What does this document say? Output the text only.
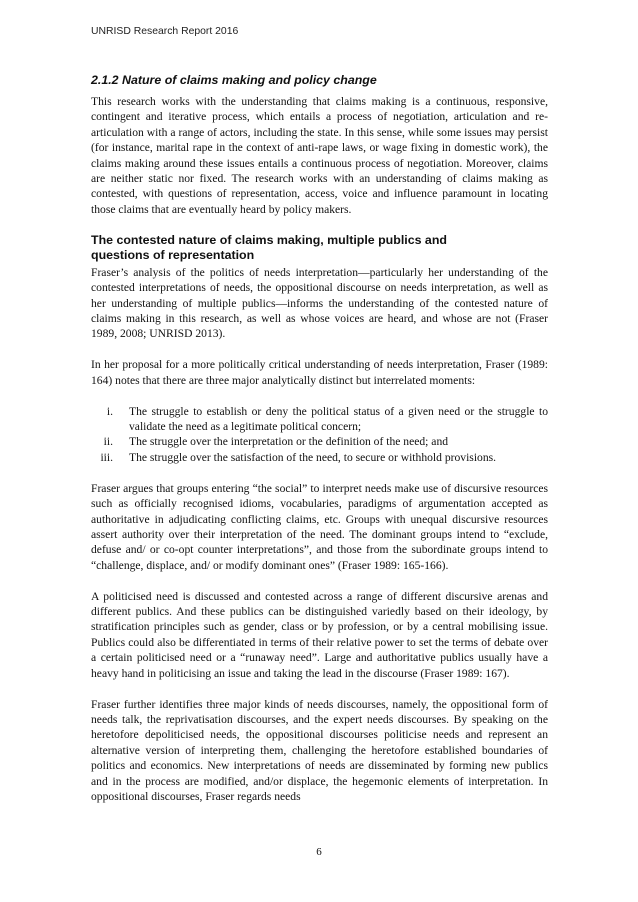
UNRISD Research Report 2016
2.1.2 Nature of claims making and policy change

This research works with the understanding that claims making is a continuous, responsive, contingent and iterative process, which entails a process of negotiation, articulation and re-articulation with a range of actors, including the state. In this sense, while some issues may persist (for instance, marital rape in the context of anti-rape laws, or wage fixing in domestic work), the claims making around these issues entails a continuous process of negotiation. Moreover, claims are neither static nor fixed. The research works with an understanding of claims making as contested, with questions of representation, access, voice and influence paramount in locating those claims that are eventually heard by policy makers.

The contested nature of claims making, multiple publics and questions of representation

Fraser’s analysis of the politics of needs interpretation—particularly her understanding of the contested interpretations of needs, the oppositional discourse on needs interpretation, as well as her understanding of multiple publics—informs the understanding of the contested nature of claims making in this research, as well as whose voices are heard, and whose are not (Fraser 1989, 2008; UNRISD 2013).

In her proposal for a more politically critical understanding of needs interpretation, Fraser (1989: 164) notes that there are three major analytically distinct but interrelated moments:

i. The struggle to establish or deny the political status of a given need or the struggle to validate the need as a legitimate political concern;
ii. The struggle over the interpretation or the definition of the need; and
iii. The struggle over the satisfaction of the need, to secure or withhold provisions.

Fraser argues that groups entering “the social” to interpret needs make use of discursive resources such as officially recognised idioms, vocabularies, paradigms of argumentation accepted as authoritative in adjudicating conflicting claims, etc. Groups with unequal discursive resources assert authority over their interpretation of the need. The dominant groups intend to “exclude, defuse and/ or co-opt counter interpretations”, and those from the subordinate groups intend to “challenge, displace, and/ or modify dominant ones” (Fraser 1989: 165-166).

A politicised need is discussed and contested across a range of different discursive arenas and different publics. And these publics can be distinguished variedly based on their ideology, by stratification principles such as gender, class or by profession, or by a central mobilising issue. Publics could also be differentiated in terms of their relative power to set the terms of debate over a certain politicised need or a “runaway need”. Large and authoritative publics usually have a heavy hand in politicising an issue and taking the lead in the discourse (Fraser 1989: 167).

Fraser further identifies three major kinds of needs discourses, namely, the oppositional form of needs talk, the reprivatisation discourses, and the expert needs discourses. By speaking on the heretofore depoliticised needs, the oppositional discourses politicise needs and represent an alternative version of interpreting them, challenging the heretofore established boundaries of politics and economics. New interpretations of needs are disseminated by forming new publics and in the process are modified, and/or displace, the hegemonic elements of interpretation. In oppositional discourses, Fraser regards needs

6
